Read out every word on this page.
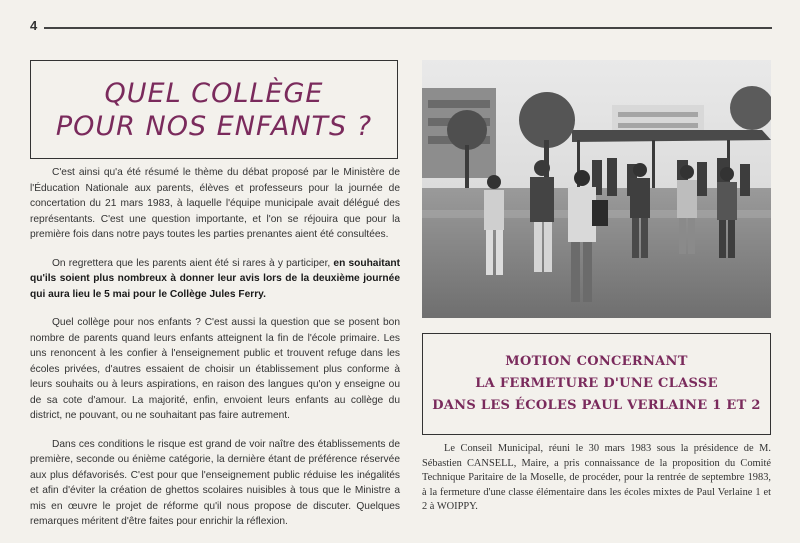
4
QUEL COLLÈGE
POUR NOS ENFANTS ?

C'est ainsi qu'a été résumé le thème du débat proposé par le Ministère de l'Éducation Nationale aux parents, élèves et professeurs pour la journée de concertation du 21 mars 1983, à laquelle l'équipe municipale avait délégué des représentants. C'est une question importante, et l'on se réjouira que pour la première fois dans notre pays toutes les parties prenantes aient été consultées.

On regrettera que les parents aient été si rares à y participer, en souhaitant qu'ils soient plus nombreux à donner leur avis lors de la deuxième journée qui aura lieu le 5 mai pour le Collège Jules Ferry.

Quel collège pour nos enfants ? C'est aussi la question que se posent bon nombre de parents quand leurs enfants atteignent la fin de l'école primaire. Les uns renoncent à les confier à l'enseignement public et trouvent refuge dans les écoles privées, d'autres essaient de choisir un établissement plus conforme à leurs souhaits ou à leurs aspirations, en raison des langues qu'on y enseigne ou de sa cote d'amour. La majorité, enfin, envoient leurs enfants au collège du district, ne pouvant, ou ne souhaitant pas faire autrement.

Dans ces conditions le risque est grand de voir naître des établissements de première, seconde ou énième catégorie, la dernière étant de préférence réservée aux plus défavorisés. C'est pour que l'enseignement public réduise les inégalités et afin d'éviter la création de ghettos scolaires nuisibles à tous que le Ministre a mis en œuvre le projet de réforme qu'il nous propose de discuter. Quelques remarques méritent d'être faites pour enrichir la réflexion.

MOTION CONCERNANT
LA FERMETURE D'UNE CLASSE
DANS LES ÉCOLES PAUL VERLAINE 1 ET 2

Le Conseil Municipal, réuni le 30 mars 1983 sous la présidence de M. Sébastien CANSELL, Maire, a pris connaissance de la proposition du Comité Technique Paritaire de la Moselle, de procéder, pour la rentrée de septembre 1983, à la fermeture d'une classe élémentaire dans les écoles mixtes de Paul Verlaine 1 et 2 à WOIPPY.
